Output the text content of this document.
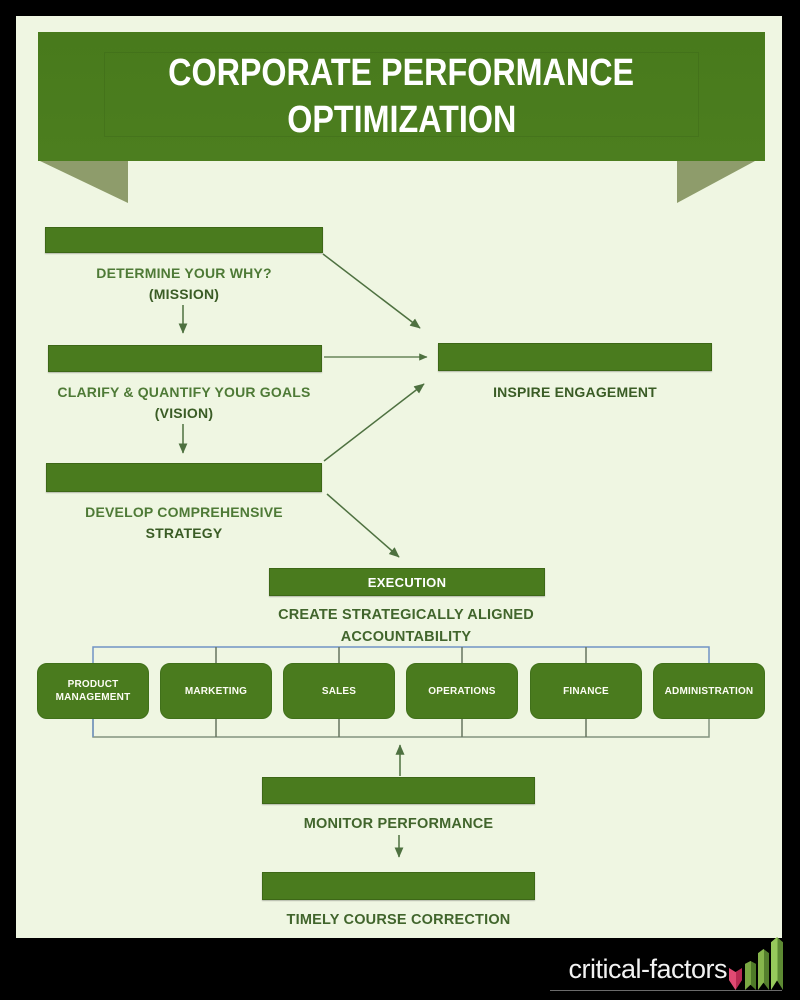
CORPORATE PERFORMANCE
OPTIMIZATION
DETERMINE YOUR WHY?
(MISSION)
CLARIFY & QUANTIFY YOUR GOALS
(VISION)
DEVELOP COMPREHENSIVE
STRATEGY
INSPIRE ENGAGEMENT
EXECUTION
CREATE STRATEGICALLY ALIGNED
ACCOUNTABILITY
PRODUCT MANAGEMENT
MARKETING	SALES	OPERATIONS	FINANCE	ADMINISTRATION
MONITOR PERFORMANCE
TIMELY COURSE CORRECTION
critical-factors
